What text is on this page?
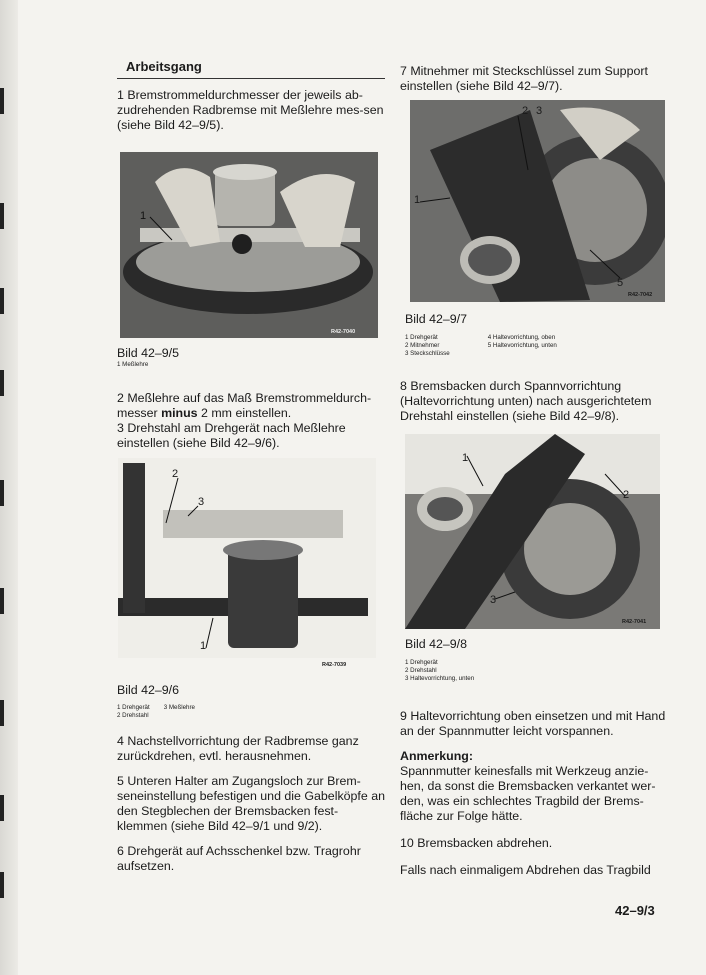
Arbeitsgang

1 Bremstrommeldurchmesser der jeweils ab-zudrehenden Radbremse mit Meßlehre mes-sen (siehe Bild 42–9/5).

R42-7040
1
Bild 42–9/5
1 Meßlehre

2 Meßlehre auf das Maß Bremstrommeldurch-messer minus 2 mm einstellen.

3 Drehstahl am Drehgerät nach Meßlehre einstellen (siehe Bild 42–9/6).

2
3
1
R42-7039
Bild 42–9/6
1 Drehgerät
2 Drehstahl
3 Meßlehre

4 Nachstellvorrichtung der Radbremse ganz zurückdrehen, evtl. herausnehmen.

5 Unteren Halter am Zugangsloch zur Brem-seneinstellung befestigen und die Gabelköpfe an den Stegblechen der Bremsbacken fest-klemmen (siehe Bild 42–9/1 und 9/2).

6 Drehgerät auf Achsschenkel bzw. Tragrohr aufsetzen.

7 Mitnehmer mit Steckschlüssel zum Support einstellen (siehe Bild 42–9/7).

2 3
1
5
R42-7042
Bild 42–9/7
1 Drehgerät
2 Mitnehmer
3 Steckschlüsse
4 Haltevorrichtung, oben
5 Haltevorrichtung, unten

8 Bremsbacken durch Spannvorrichtung (Haltevorrichtung unten) nach ausgerichtetem Drehstahl einstellen (siehe Bild 42–9/8).

1
2
3
R42-7041
Bild 42–9/8
1 Drehgerät
2 Drehstahl
3 Haltevorrichtung, unten

9 Haltevorrichtung oben einsetzen und mit Hand an der Spannmutter leicht vorspannen.

Anmerkung:

Spannmutter keinesfalls mit Werkzeug anzie-hen, da sonst die Bremsbacken verkantet wer-den, was ein schlechtes Tragbild der Brems-fläche zur Folge hätte.

10 Bremsbacken abdrehen.

Falls nach einmaligem Abdrehen das Tragbild

42–9/3
